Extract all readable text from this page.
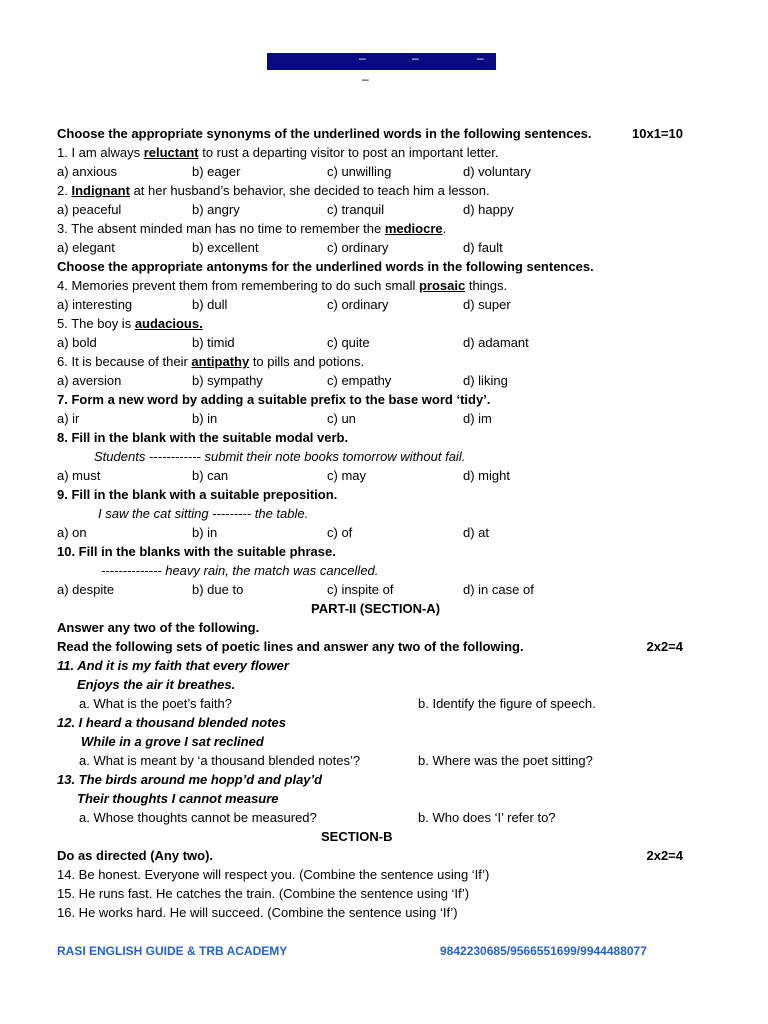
–	–	–
–
Choose the appropriate synonyms of the underlined words in the following sentences.	10x1=10
1. I am always reluctant to rust a departing visitor to post an important letter.
a) anxious	b) eager	c) unwilling	d) voluntary
2. Indignant at her husband’s behavior, she decided to teach him a lesson.
a) peaceful	b) angry	c) tranquil	d) happy
3. The absent minded man has no time to remember the mediocre.
a) elegant	b) excellent	c) ordinary	d) fault
Choose the appropriate antonyms for the underlined words in the following sentences.
4. Memories prevent them from remembering to do such small prosaic things.
a) interesting	b) dull	c) ordinary	d) super
5. The boy is audacious.
a) bold	b) timid	c) quite	d) adamant
6. It is because of their antipathy to pills and potions.
a) aversion	b) sympathy	c) empathy	d) liking
7. Form a new word by adding a suitable prefix to the base word ‘tidy’.
a) ir	b) in	c) un	d) im
8. Fill in the blank with the suitable modal verb.
Students ------------ submit their note books tomorrow without fail.
a) must	b) can	c) may	d) might
9. Fill in the blank with a suitable preposition.
I saw the cat sitting --------- the table.
a) on	b) in	c) of	d) at
10. Fill in the blanks with the suitable phrase.
-------------- heavy rain, the match was cancelled.
a) despite	b) due to	c) inspite of	d) in case of
PART-II (SECTION-A)
Answer any two of the following.
Read the following sets of poetic lines and answer any two of the following.	2x2=4
11. And it is my faith that every flower
Enjoys the air it breathes.
a. What is the poet’s faith?	b. Identify the figure of speech.
12. I heard a thousand blended notes
While in a grove I sat reclined
a. What is meant by ‘a thousand blended notes’?	b. Where was the poet sitting?
13. The birds around me hopp’d and play’d
Their thoughts I cannot measure
a. Whose thoughts cannot be measured?	b. Who does ‘I’ refer to?
SECTION-B
Do as directed (Any two).	2x2=4
14. Be honest. Everyone will respect you. (Combine the sentence using ‘If’)
15. He runs fast. He catches the train. (Combine the sentence using ‘If’)
16. He works hard. He will succeed. (Combine the sentence using ‘If’)
RASI ENGLISH GUIDE & TRB ACADEMY	9842230685/9566551699/9944488077
